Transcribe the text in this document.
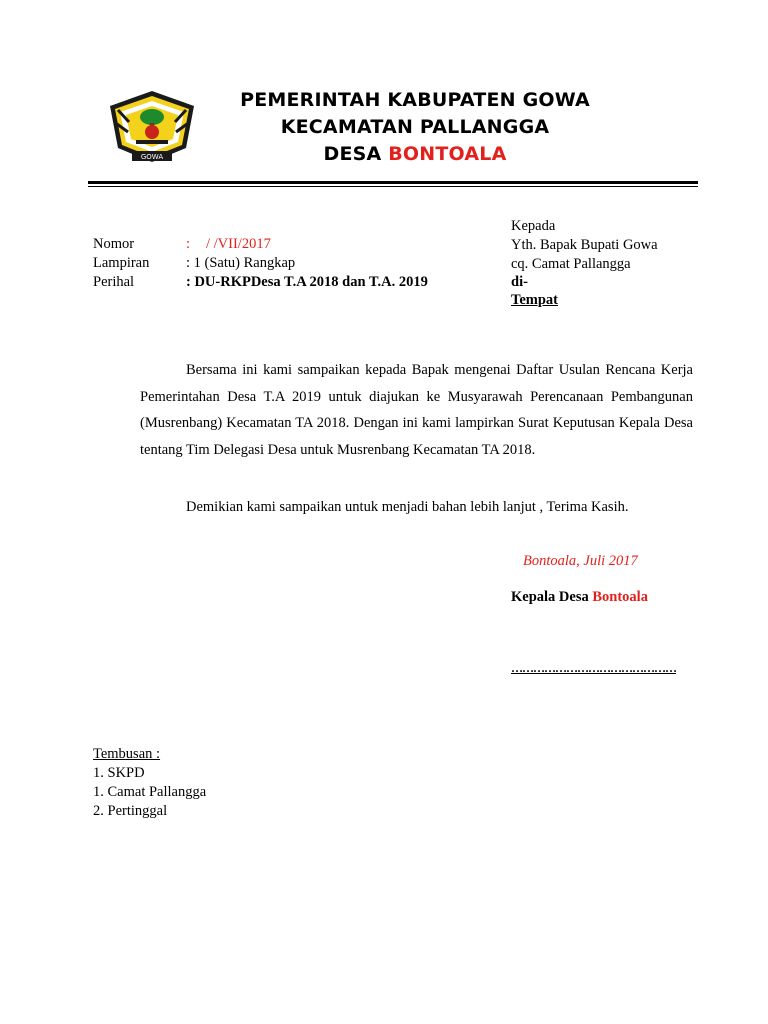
GOWA
PEMERINTAH KABUPATEN GOWA
KECAMATAN PALLANGGA
DESA BONTOALA
Nomor	: / /VII/2017
Lampiran	: 1 (Satu) Rangkap
Perihal	: DU-RKPDesa T.A 2018 dan T.A. 2019
Kepada
Yth. Bapak Bupati Gowa
cq. Camat Pallangga
di-
Tempat

Bersama ini kami sampaikan kepada Bapak mengenai Daftar Usulan Rencana Kerja Pemerintahan Desa T.A 2019 untuk diajukan ke Musyarawah Perencanaan Pembangunan (Musrenbang) Kecamatan TA 2018. Dengan ini kami lampirkan Surat Keputusan Kepala Desa tentang Tim Delegasi Desa untuk Musrenbang Kecamatan TA 2018.

Demikian kami sampaikan untuk menjadi bahan lebih lanjut , Terima Kasih.

Bontoala, Juli 2017
Kepala Desa Bontoala
………………………………………
Tembusan :
1. SKPD
1. Camat Pallangga
2. Pertinggal
